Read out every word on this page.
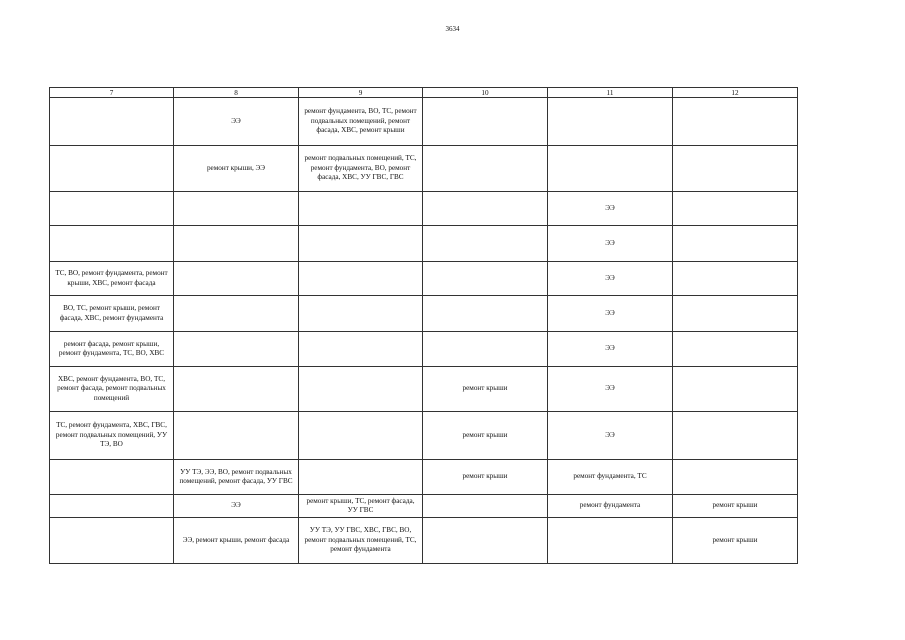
3634
7	8	9	10	11	12
	ЭЭ	ремонт фундамента, ВО, ТС, ремонт подвальных помещений, ремонт фасада, ХВС, ремонт крыши			
	ремонт крыши, ЭЭ	ремонт подвальных помещений, ТС, ремонт фундамента, ВО, ремонт фасада, ХВС, УУ ГВС, ГВС			
				ЭЭ	
				ЭЭ	
ТС, ВО, ремонт фундамента, ремонт крыши, ХВС, ремонт фасада				ЭЭ	
ВО, ТС, ремонт крыши, ремонт фасада, ХВС, ремонт фундамента				ЭЭ	
ремонт фасада, ремонт крыши, ремонт фундамента, ТС, ВО, ХВС				ЭЭ	
ХВС, ремонт фундамента, ВО, ТС, ремонт фасада, ремонт подвальных помещений			ремонт крыши	ЭЭ	
ТС, ремонт фундамента, ХВС, ГВС, ремонт подвальных помещений, УУ ТЭ, ВО			ремонт крыши	ЭЭ	
	УУ ТЭ, ЭЭ, ВО, ремонт подвальных помещений, ремонт фасада, УУ ГВС		ремонт крыши	ремонт фундамента, ТС	
	ЭЭ	ремонт крыши, ТС, ремонт фасада, УУ ГВС		ремонт фундамента	ремонт крыши
	ЭЭ, ремонт крыши, ремонт фасада	УУ ТЭ, УУ ГВС, ХВС, ГВС, ВО, ремонт подвальных помещений, ТС, ремонт фундамента			ремонт крыши
